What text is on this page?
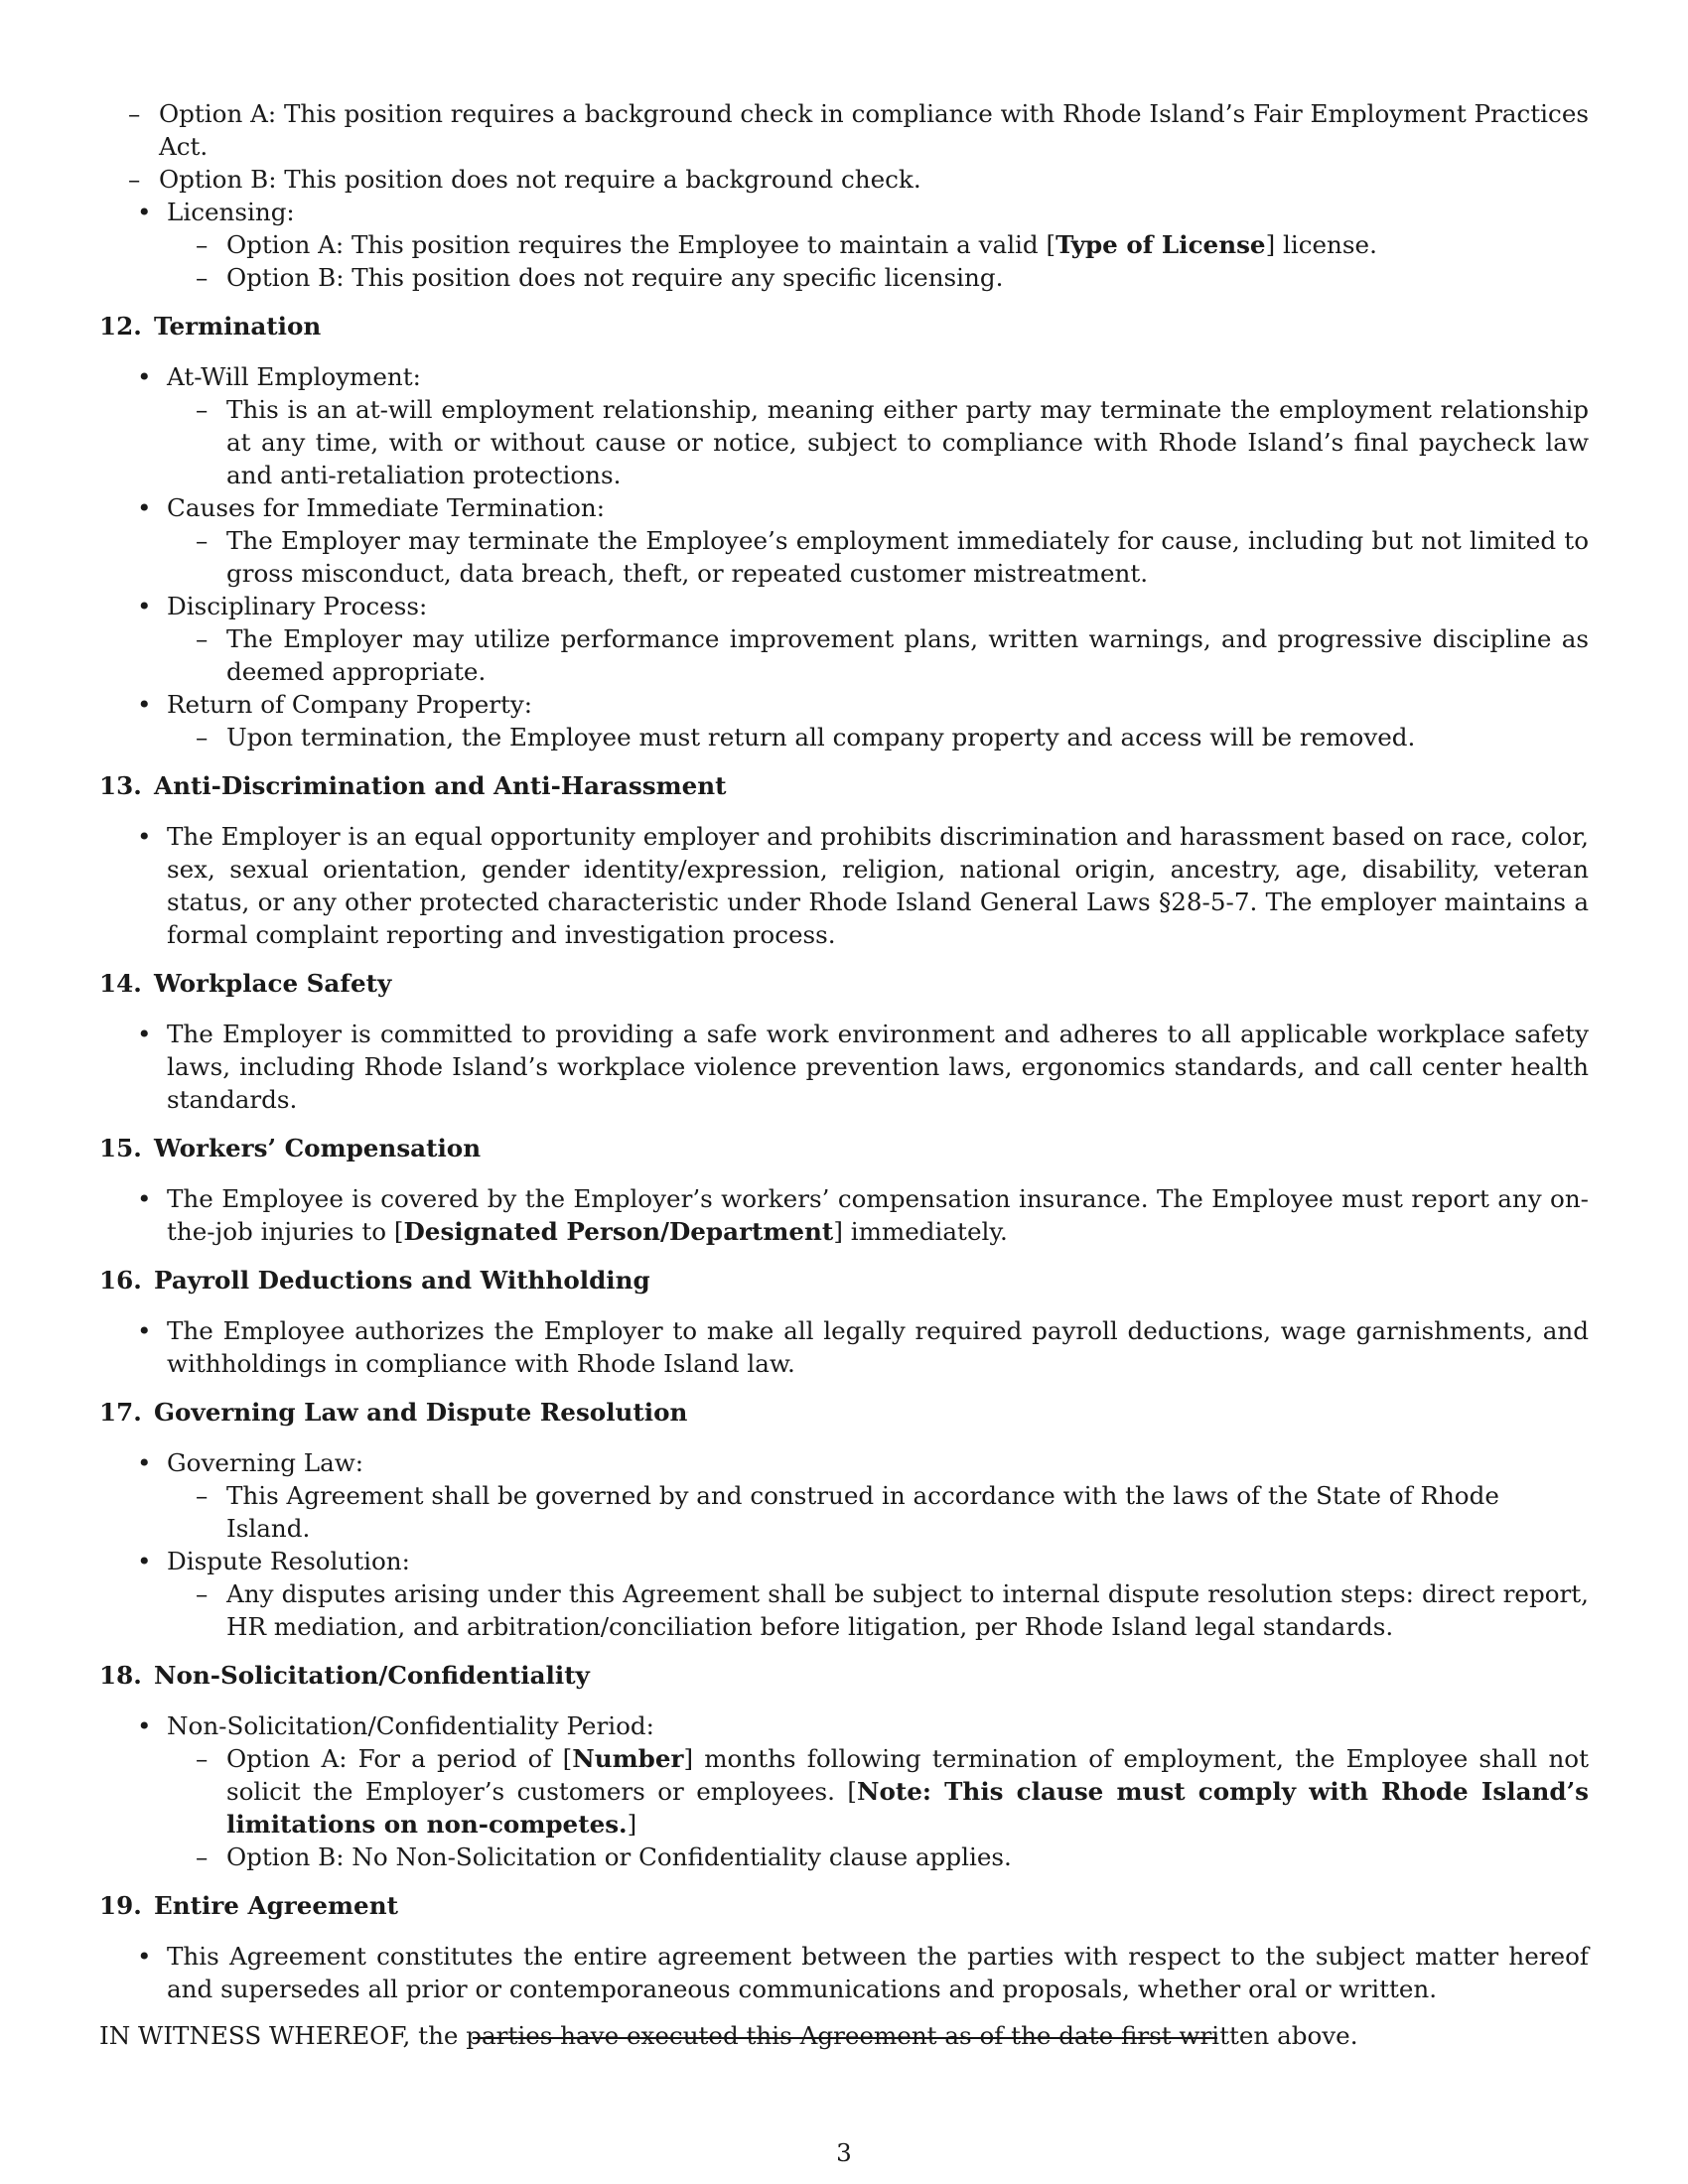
– Option A: This position requires a background check in compliance with Rhode Island’s Fair Employment Practices Act.
– Option B: This position does not require a background check.
• Licensing:
– Option A: This position requires the Employee to maintain a valid [Type of License] license.
– Option B: This position does not require any specific licensing.
12. Termination
• At-Will Employment:
– This is an at-will employment relationship, meaning either party may terminate the employment relationship at any time, with or without cause or notice, subject to compliance with Rhode Island’s final paycheck law and anti-retaliation protections.
• Causes for Immediate Termination:
– The Employer may terminate the Employee’s employment immediately for cause, including but not limited to gross misconduct, data breach, theft, or repeated customer mistreatment.
• Disciplinary Process:
– The Employer may utilize performance improvement plans, written warnings, and progressive discipline as deemed appropriate.
• Return of Company Property:
– Upon termination, the Employee must return all company property and access will be removed.
13. Anti-Discrimination and Anti-Harassment
• The Employer is an equal opportunity employer and prohibits discrimination and harassment based on race, color, sex, sexual orientation, gender identity/expression, religion, national origin, ancestry, age, disability, veteran status, or any other protected characteristic under Rhode Island General Laws §28-5-7. The employer maintains a formal complaint reporting and investigation process.
14. Workplace Safety
• The Employer is committed to providing a safe work environment and adheres to all applicable workplace safety laws, including Rhode Island’s workplace violence prevention laws, ergonomics standards, and call center health standards.
15. Workers’ Compensation
• The Employee is covered by the Employer’s workers’ compensation insurance. The Employee must report any on-the-job injuries to [Designated Person/Department] immediately.
16. Payroll Deductions and Withholding
• The Employee authorizes the Employer to make all legally required payroll deductions, wage garnishments, and withholdings in compliance with Rhode Island law.
17. Governing Law and Dispute Resolution
• Governing Law:
– This Agreement shall be governed by and construed in accordance with the laws of the State of Rhode Island.
• Dispute Resolution:
– Any disputes arising under this Agreement shall be subject to internal dispute resolution steps: direct report, HR mediation, and arbitration/conciliation before litigation, per Rhode Island legal standards.
18. Non-Solicitation/Confidentiality
• Non-Solicitation/Confidentiality Period:
– Option A: For a period of [Number] months following termination of employment, the Employee shall not solicit the Employer’s customers or employees. [Note: This clause must comply with Rhode Island’s limitations on non-competes.]
– Option B: No Non-Solicitation or Confidentiality clause applies.
19. Entire Agreement
• This Agreement constitutes the entire agreement between the parties with respect to the subject matter hereof and supersedes all prior or contemporaneous communications and proposals, whether oral or written.
IN WITNESS WHEREOF, the parties have executed this Agreement as of the date first written above.
3
